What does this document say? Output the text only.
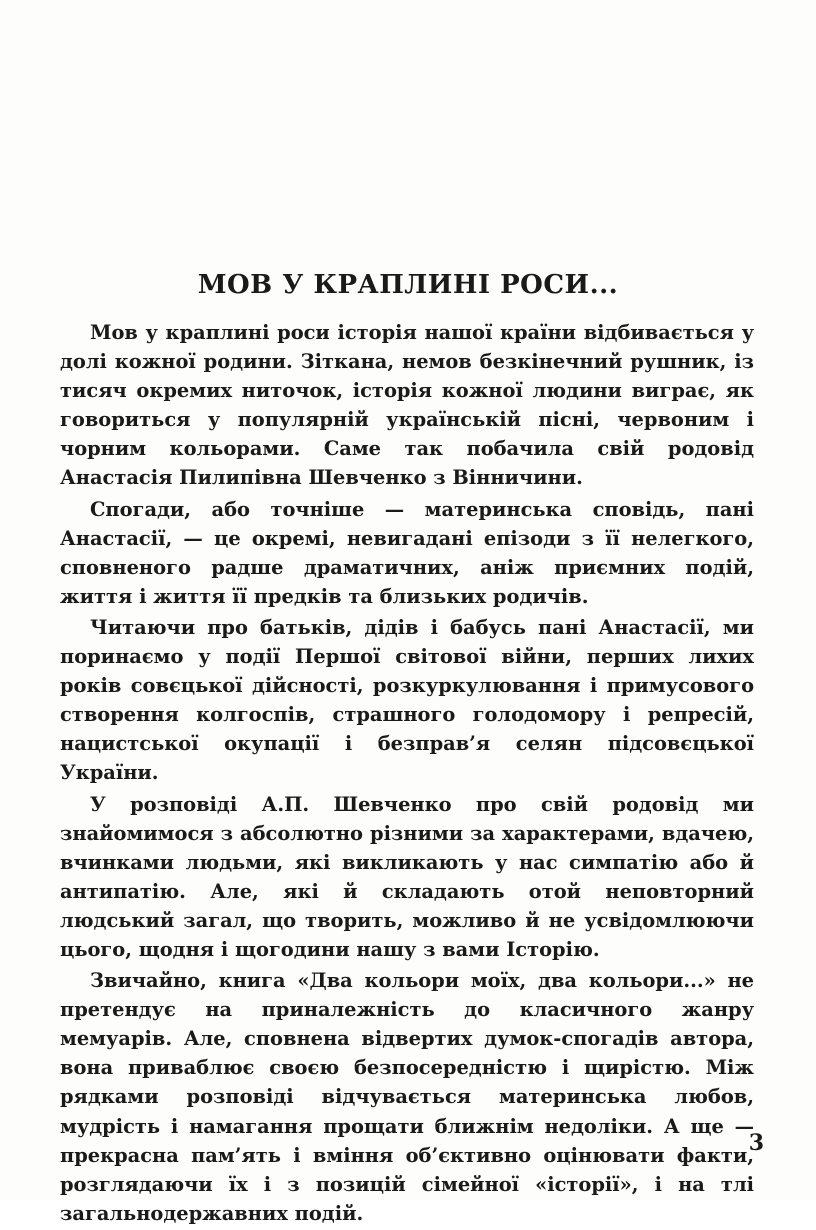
МОВ У КРАПЛИНІ РОСИ...

Мов у краплині роси історія нашої країни відбивається у долі кожної родини. Зіткана, немов безкінечний рушник, із тисяч окремих ниточок, історія кожної людини виграє, як говориться у популярній українській пісні, червоним і чорним кольорами. Саме так побачила свій родовід Анастасія Пилипівна Шевченко з Вінничини.

Спогади, або точніше — материнська сповідь, пані Анастасії, — це окремі, невигадані епізоди з її нелегкого, сповненого радше драматичних, аніж приємних подій, життя і життя її предків та близьких родичів.

Читаючи про батьків, дідів і бабусь пані Анастасії, ми поринаємо у події Першої світової війни, перших лихих років совєцької дійсності, розкуркулювання і примусового створення колгоспів, страшного голодомору і репресій, нацистської окупації і безправ’я селян підсовєцької України.

У розповіді А.П. Шевченко про свій родовід ми знайомимося з абсолютно різними за характерами, вдачею, вчинками людьми, які викликають у нас симпатію або й антипатію. Але, які й складають отой неповторний людський загал, що творить, можливо й не усвідомлюючи цього, щодня і щогодини нашу з вами Історію.

Звичайно, книга «Два кольори моїх, два кольори...» не претендує на приналежність до класичного жанру мемуарів. Але, сповнена відвертих думок-спогадів автора, вона приваблює своєю безпосередністю і щирістю. Між рядками розповіді відчувається материнська любов, мудрість і намагання прощати ближнім недоліки. А ще — прекрасна пам’ять і вміння об’єктивно оцінювати факти, розглядаючи їх і з позицій сімейної «історії», і на тлі загальнодержавних подій.

3
